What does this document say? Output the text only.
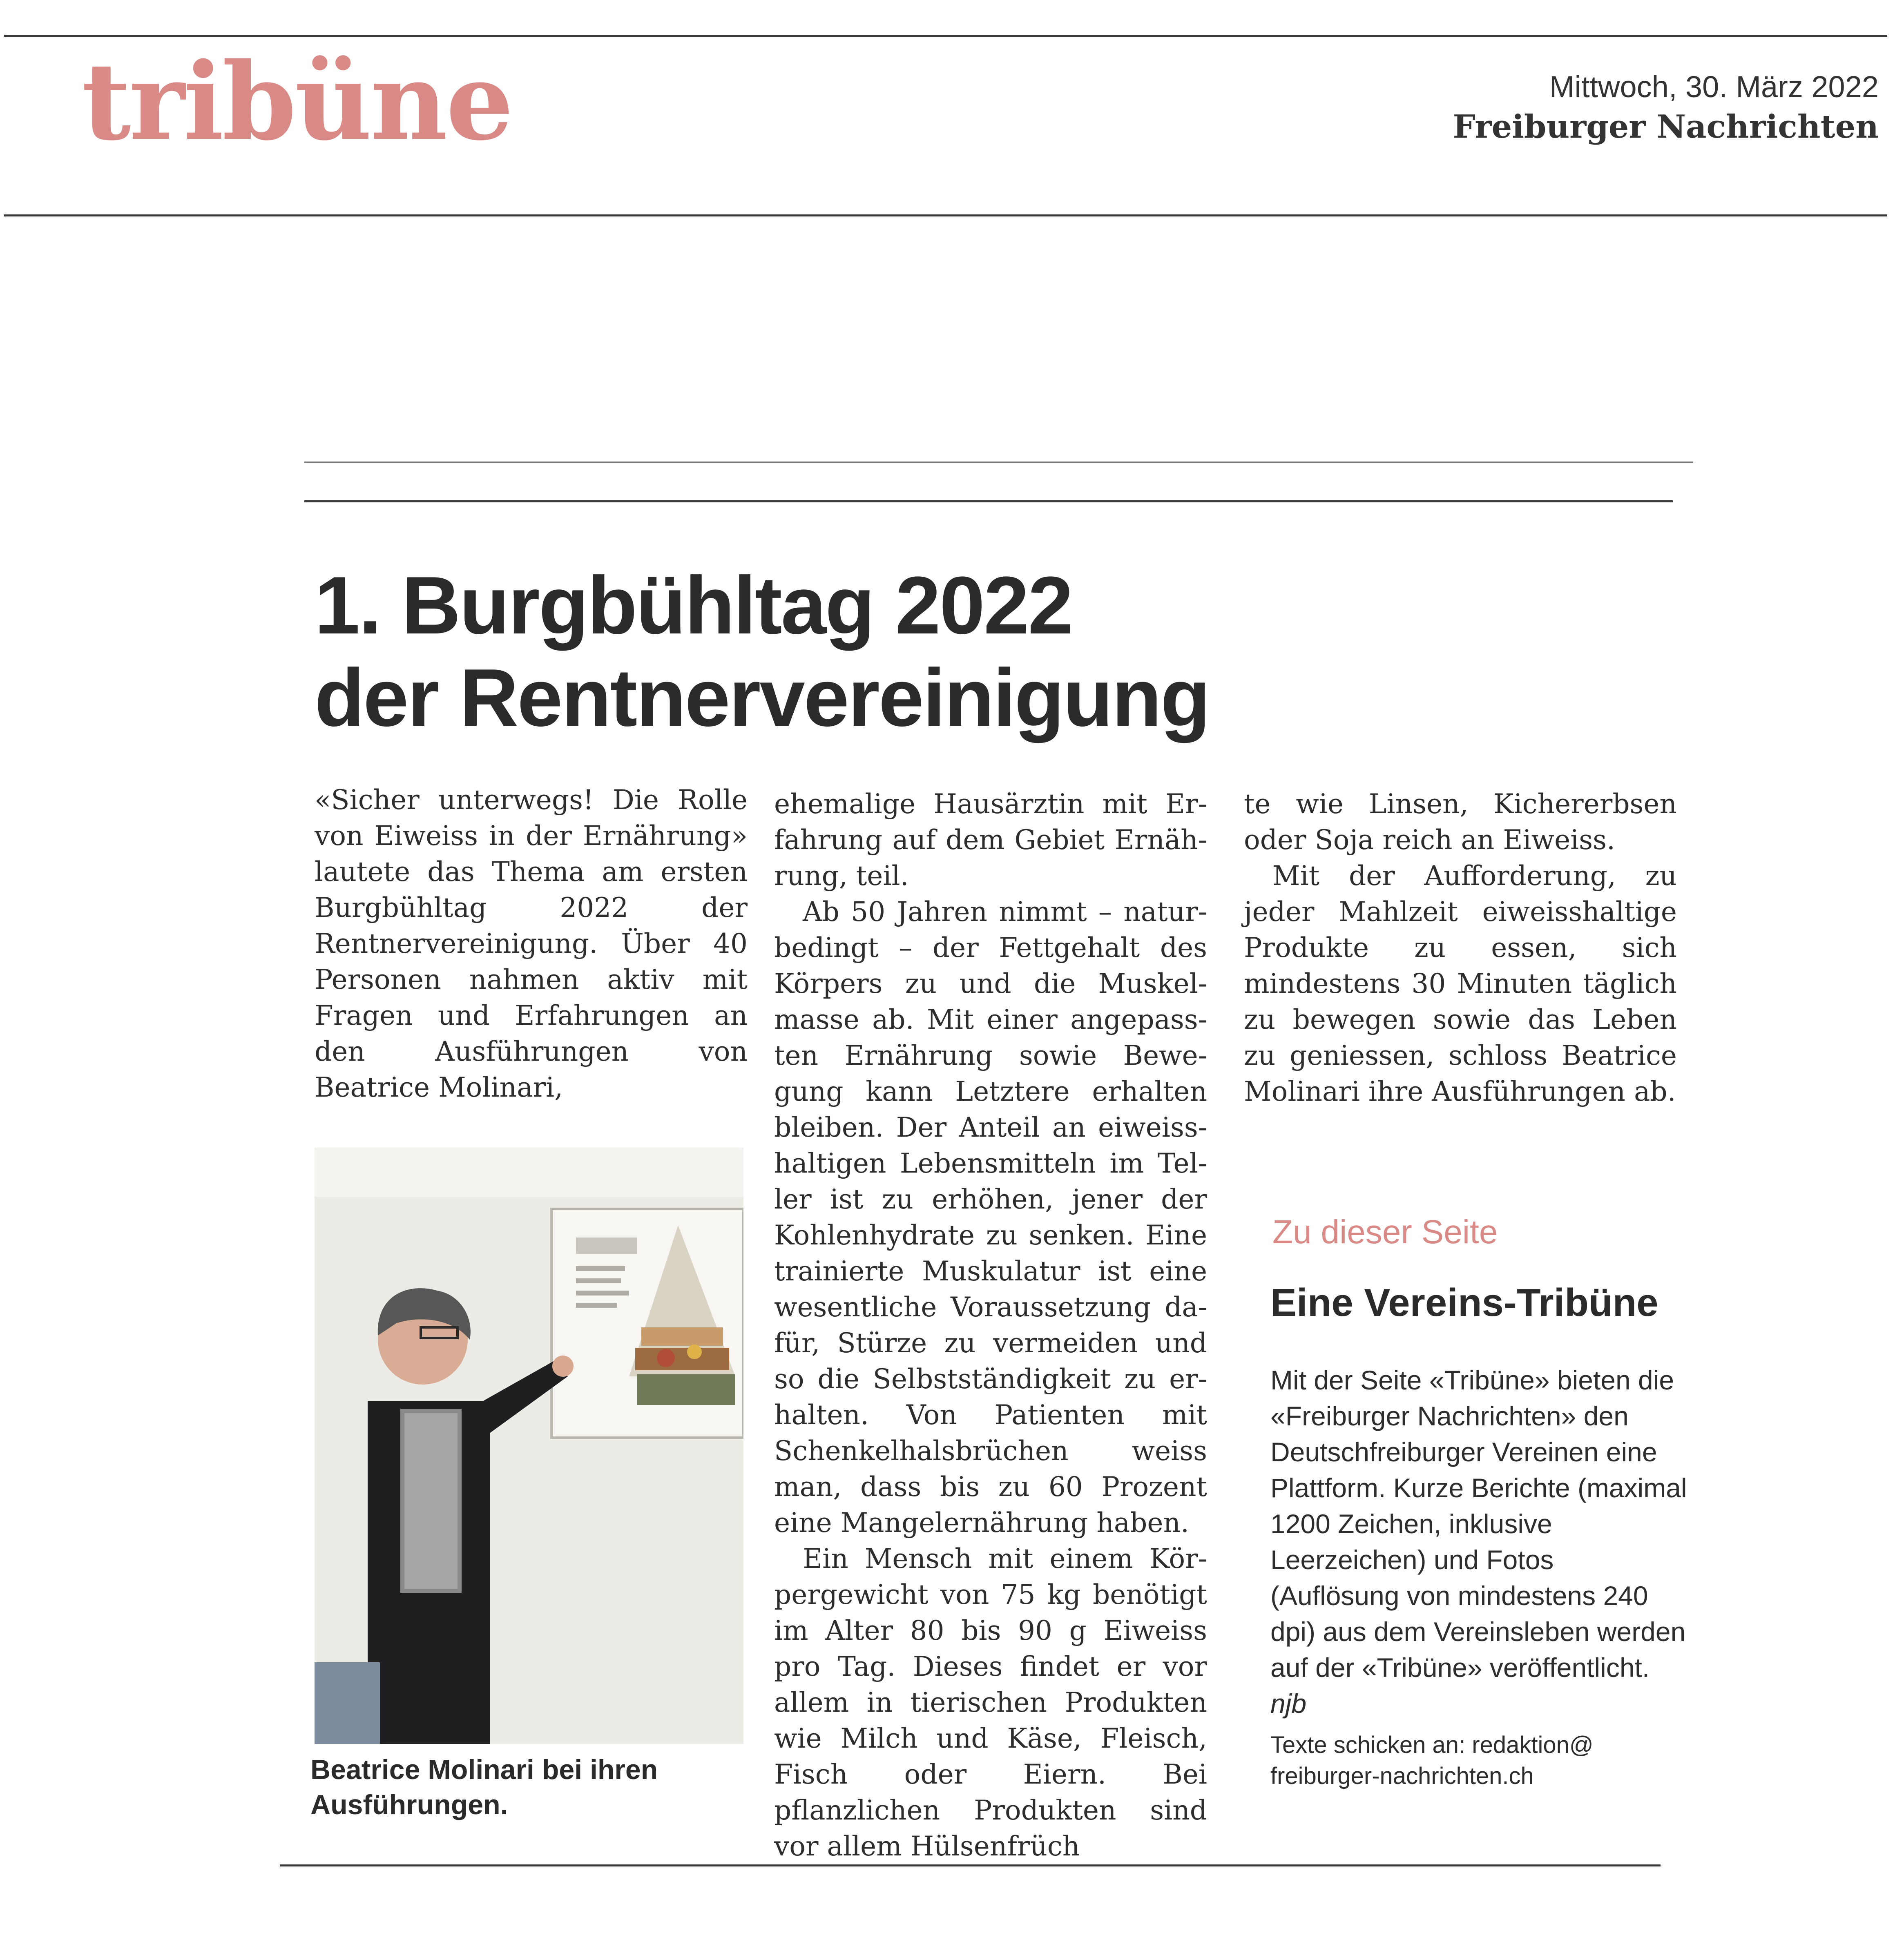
tribüne	Mittwoch, 30. März 2022
Freiburger Nachrichten
1. Burgbühltag 2022
der Rentnervereinigung

«Sicher unterwegs! Die Rolle von Eiweiss in der Ernährung» lautete das Thema am ersten Burgbühltag 2022 der Rentnervereinigung. Über 40 Personen nahmen aktiv mit Fragen und Erfahrungen an den Ausführungen von Beatrice Molinari,

Beatrice Molinari bei ihren Ausführungen.

ehemalige Hausärztin mit Erfahrung auf dem Gebiet Ernährung, teil.

Ab 50 Jahren nimmt – naturbedingt – der Fettgehalt des Körpers zu und die Muskelmasse ab. Mit einer angepassten Ernährung sowie Bewegung kann Letztere erhalten bleiben. Der Anteil an eiweisshaltigen Lebensmitteln im Teller ist zu erhöhen, jener der Kohlenhydrate zu senken. Eine trainierte Muskulatur ist eine wesentliche Voraussetzung dafür, Stürze zu vermeiden und so die Selbstständigkeit zu erhalten. Von Patienten mit Schenkelhalsbrüchen weiss man, dass bis zu 60 Prozent eine Mangelernährung haben.

Ein Mensch mit einem Körpergewicht von 75 kg benötigt im Alter 80 bis 90 g Eiweiss pro Tag. Dieses findet er vor allem in tierischen Produkten wie Milch und Käse, Fleisch, Fisch oder Eiern. Bei pflanzlichen Produkten sind vor allem Hülsenfrüch

te wie Linsen, Kichererbsen oder Soja reich an Eiweiss.

Mit der Aufforderung, zu jeder Mahlzeit eiweisshaltige Produkte zu essen, sich mindestens 30 Minuten täglich zu bewegen sowie das Leben zu geniessen, schloss Beatrice Molinari ihre Ausführungen ab.

Zu dieser Seite
Eine Vereins-Tribüne
Mit der Seite «Tribüne» bieten die «Freiburger Nachrichten» den Deutschfreiburger Vereinen eine Plattform. Kurze Berichte (maximal 1200 Zeichen, inklusive Leerzeichen) und Fotos (Auflösung von mindestens 240 dpi) aus dem Vereinsleben werden auf der «Tribüne» veröffentlicht. njb
Texte schicken an: redaktion@
freiburger-nachrichten.ch
